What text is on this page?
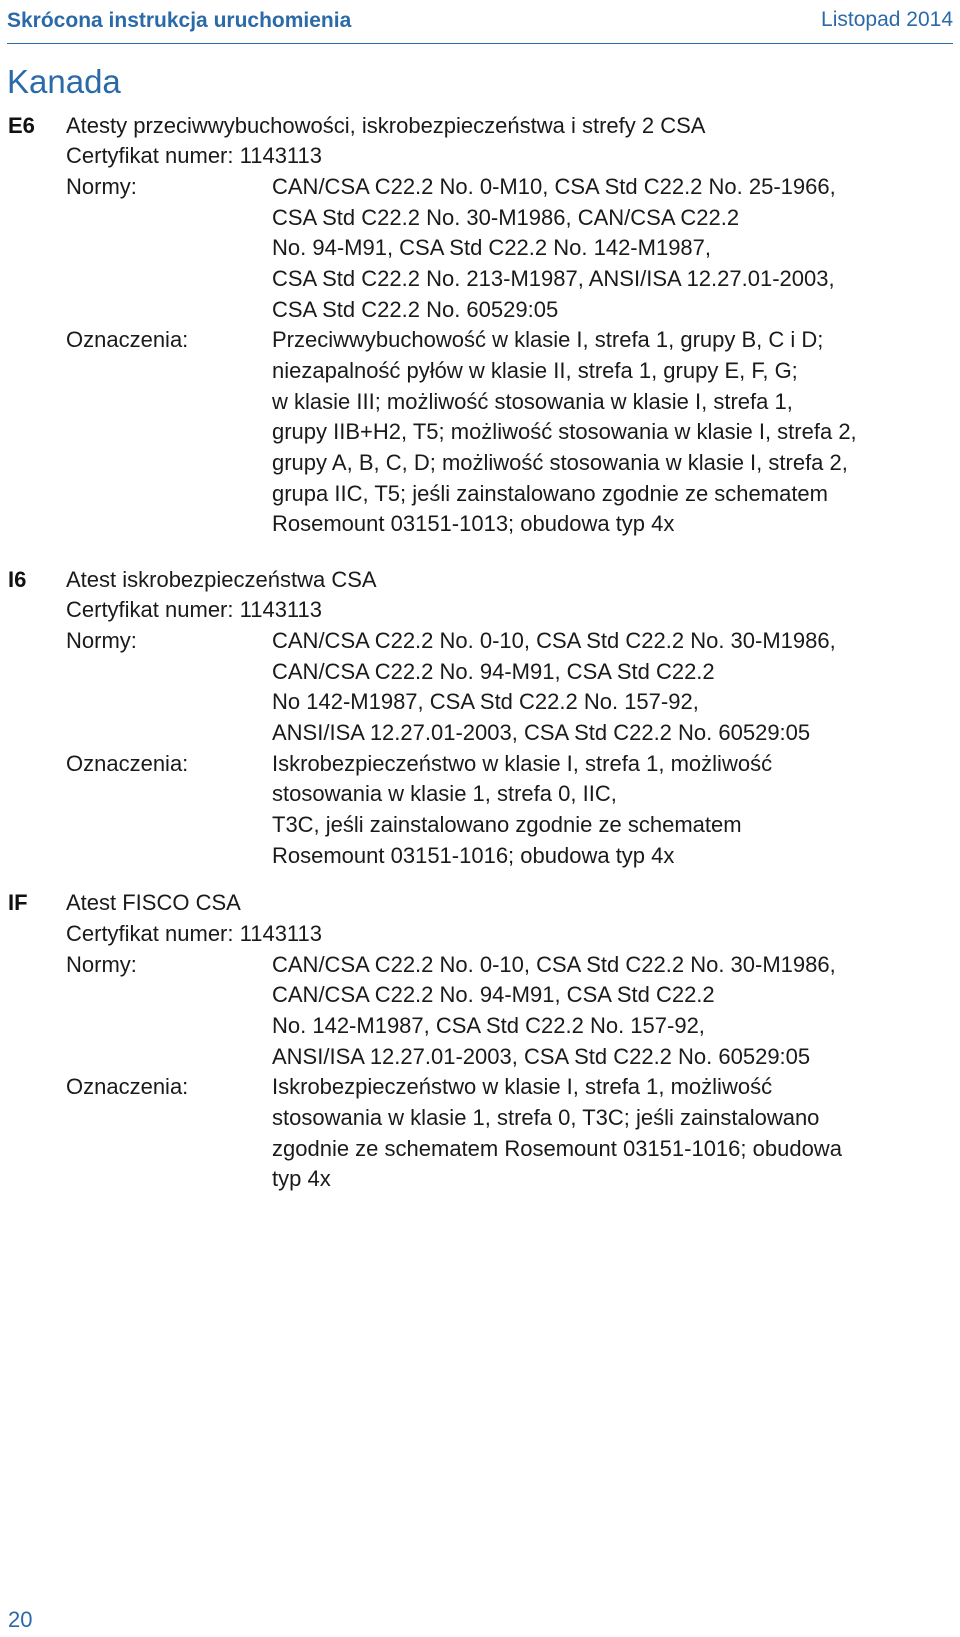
Skrócona instrukcja uruchomienia	Listopad 2014
Kanada
E6 Atesty przeciwwybuchowości, iskrobezpieczeństwa i strefy 2 CSA
Certyfikat numer: 1143113
Normy:	CAN/CSA C22.2 No. 0-M10, CSA Std C22.2 No. 25-1966,
CSA Std C22.2 No. 30-M1986, CAN/CSA C22.2
No. 94-M91, CSA Std C22.2 No. 142-M1987,
CSA Std C22.2 No. 213-M1987, ANSI/ISA 12.27.01-2003,
CSA Std C22.2 No. 60529:05
Oznaczenia:	Przeciwwybuchowość w klasie I, strefa 1, grupy B, C i D;
niezapalność pyłów w klasie II, strefa 1, grupy E, F, G;
w klasie III; możliwość stosowania w klasie I, strefa 1,
grupy IIB+H2, T5; możliwość stosowania w klasie I, strefa 2,
grupy A, B, C, D; możliwość stosowania w klasie I, strefa 2,
grupa IIC, T5; jeśli zainstalowano zgodnie ze schematem
Rosemount 03151-1013; obudowa typ 4x
I6 Atest iskrobezpieczeństwa CSA
Certyfikat numer: 1143113
Normy:	CAN/CSA C22.2 No. 0-10, CSA Std C22.2 No. 30-M1986,
CAN/CSA C22.2 No. 94-M91, CSA Std C22.2
No 142-M1987, CSA Std C22.2 No. 157-92,
ANSI/ISA 12.27.01-2003, CSA Std C22.2 No. 60529:05
Oznaczenia:	Iskrobezpieczeństwo w klasie I, strefa 1, możliwość
stosowania w klasie 1, strefa 0, IIC,
T3C, jeśli zainstalowano zgodnie ze schematem
Rosemount 03151-1016; obudowa typ 4x
IF Atest FISCO CSA
Certyfikat numer: 1143113
Normy:	CAN/CSA C22.2 No. 0-10, CSA Std C22.2 No. 30-M1986,
CAN/CSA C22.2 No. 94-M91, CSA Std C22.2
No. 142-M1987, CSA Std C22.2 No. 157-92,
ANSI/ISA 12.27.01-2003, CSA Std C22.2 No. 60529:05
Oznaczenia:	Iskrobezpieczeństwo w klasie I, strefa 1, możliwość
stosowania w klasie 1, strefa 0, T3C; jeśli zainstalowano
zgodnie ze schematem Rosemount 03151-1016; obudowa
typ 4x
20
